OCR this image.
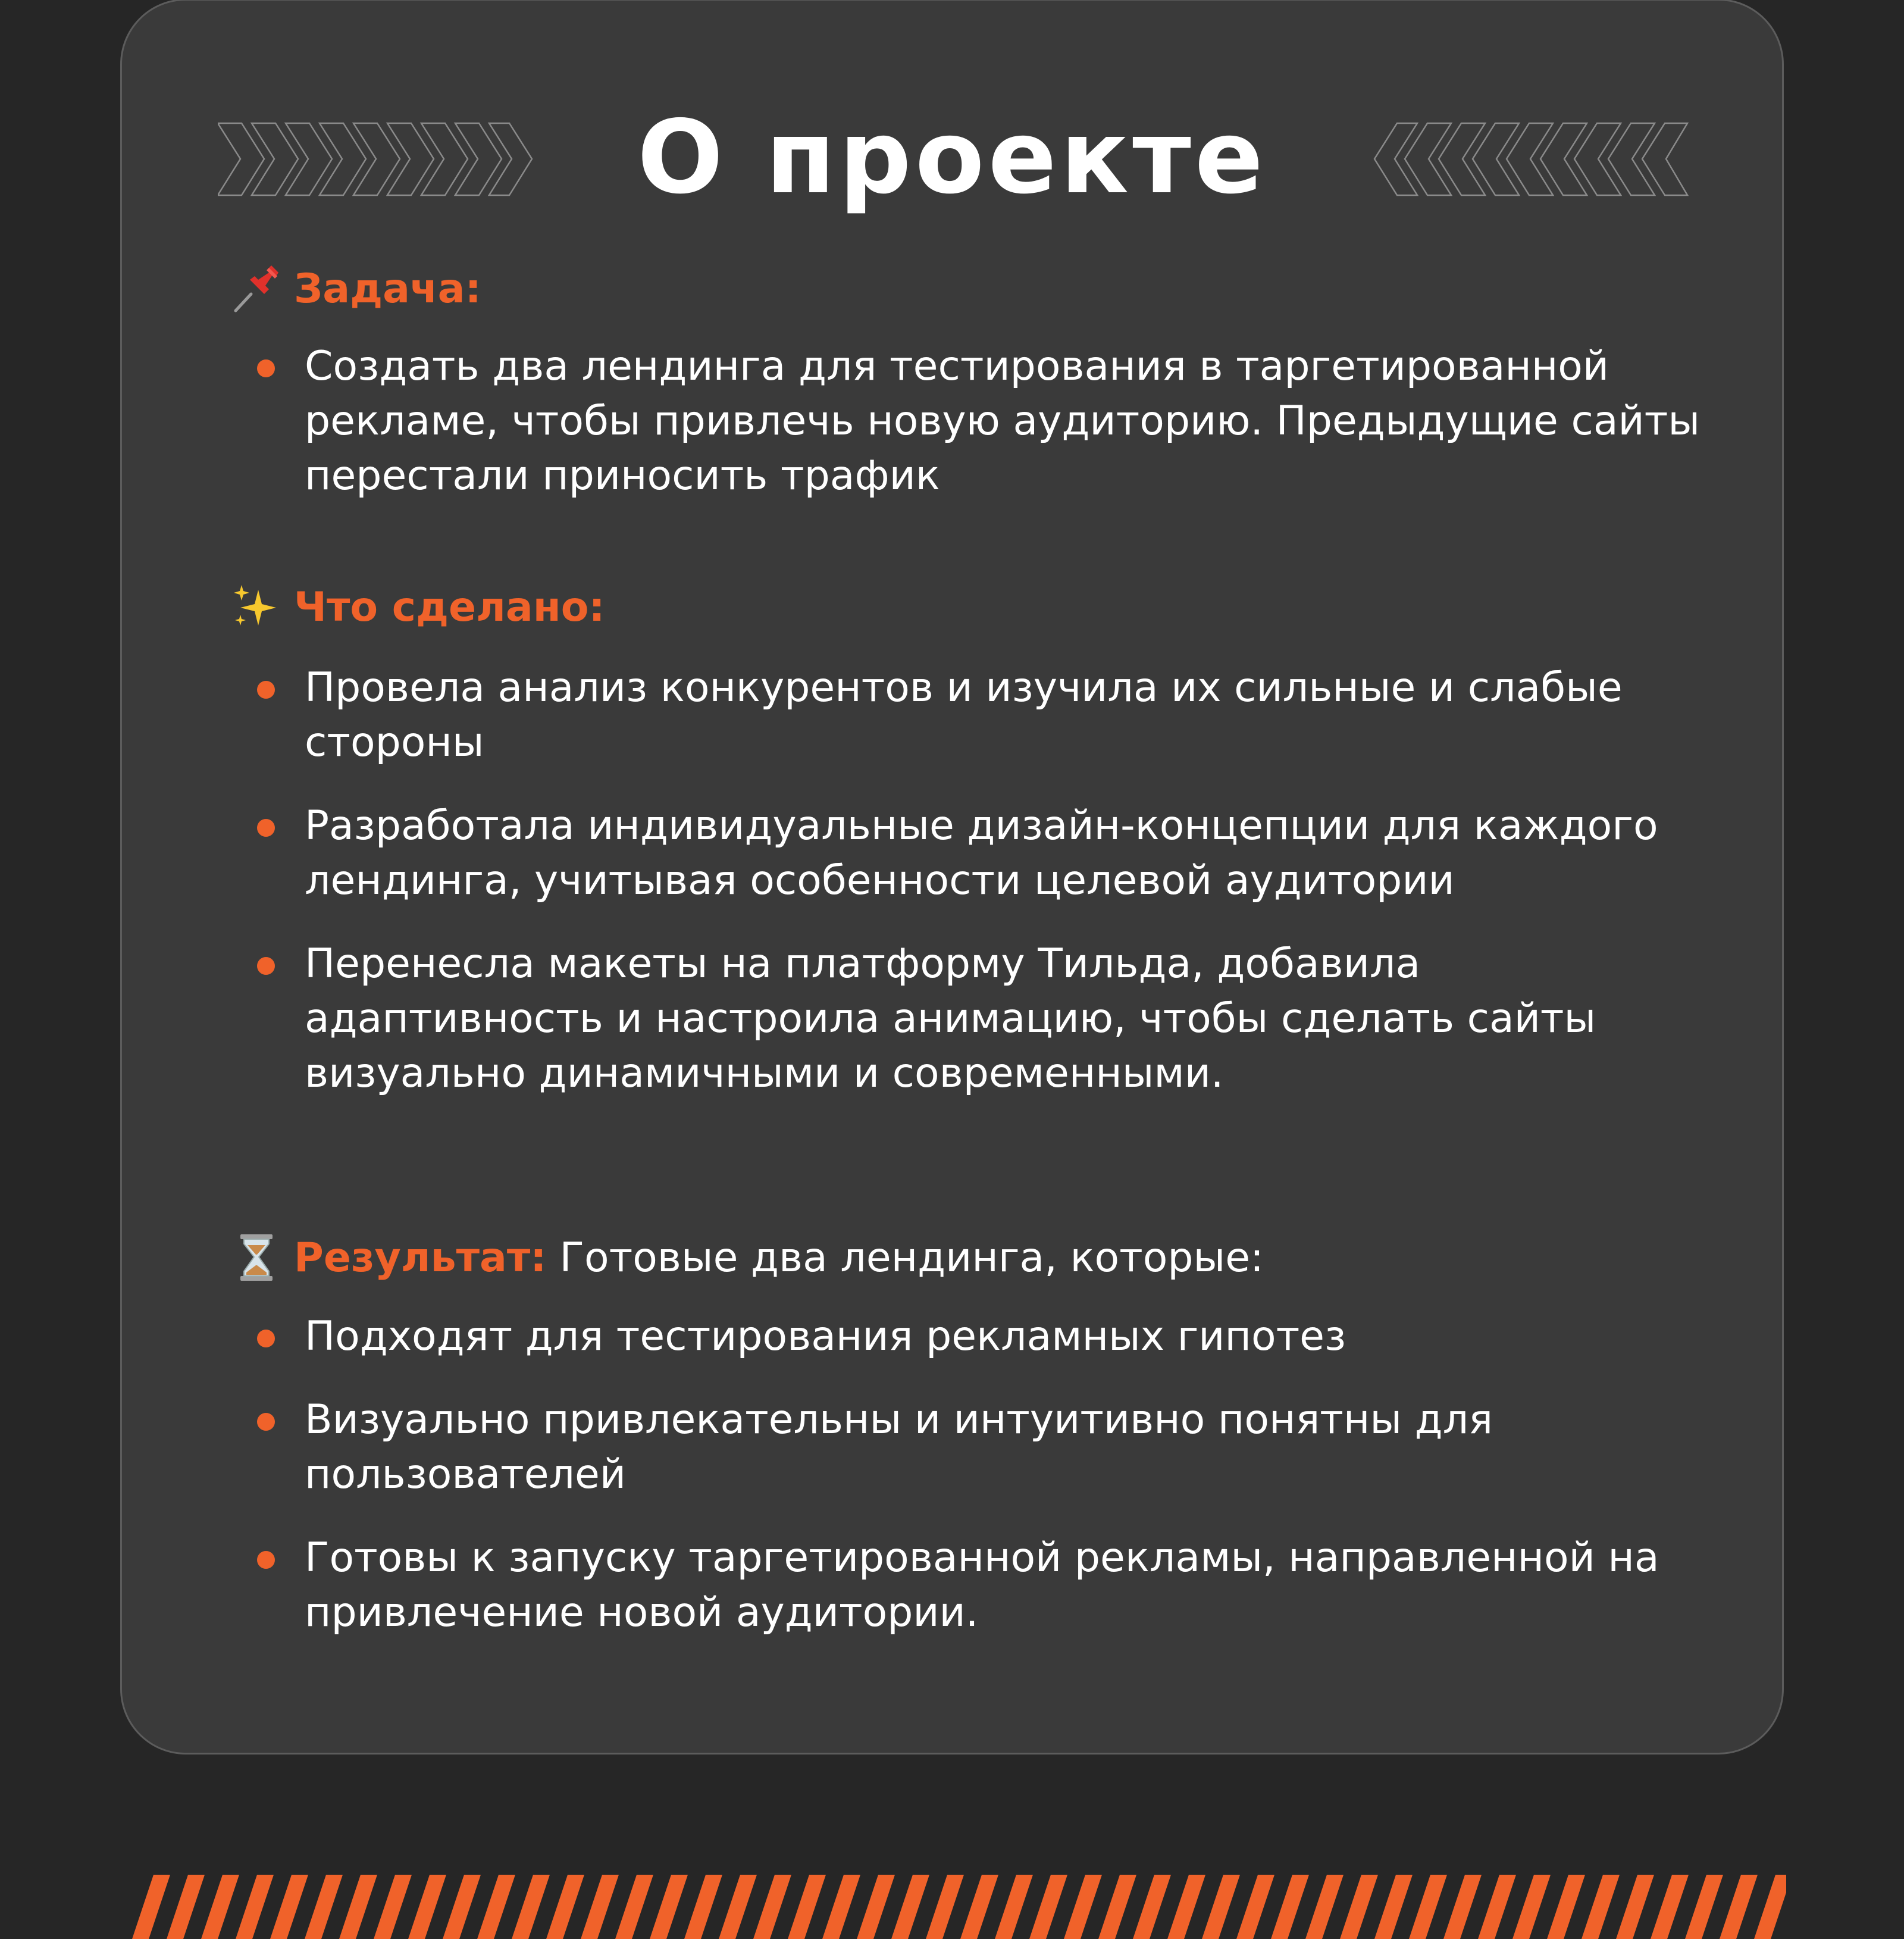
О проекте
Задача:
Создать два лендинга для тестирования в таргетированной рекламе, чтобы привлечь новую аудиторию. Предыдущие сайты перестали приносить трафик
Что сделано:
Провела анализ конкурентов и изучила их сильные и слабые стороны
Разработала индивидуальные дизайн-концепции для каждого лендинга, учитывая особенности целевой аудитории
Перенесла макеты на платформу Тильда, добавила адаптивность и настроила анимацию, чтобы сделать сайты визуально динамичными и современными.
Результат: Готовые два лендинга, которые:
Подходят для тестирования рекламных гипотез
Визуально привлекательны и интуитивно понятны для пользователей
Готовы к запуску таргетированной рекламы, направленной на привлечение новой аудитории.
